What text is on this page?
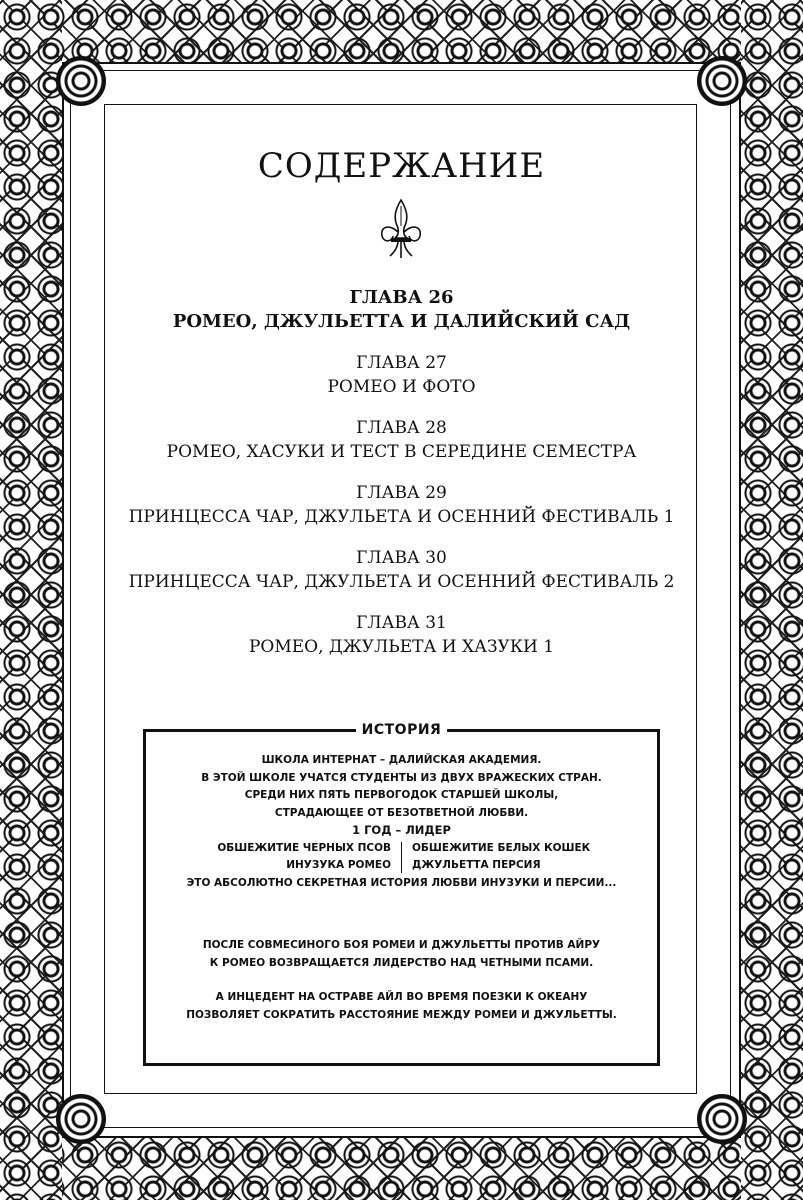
СОДЕРЖАНИЕ
ГЛАВА 26
РОМЕО, ДЖУЛЬЕТТА И ДАЛИЙСКИЙ САД
ГЛАВА 27
РОМЕО И ФОТО
ГЛАВА 28
РОМЕО, ХАСУКИ И ТЕСТ В СЕРЕДИНЕ СЕМЕСТРА
ГЛАВА 29
ПРИНЦЕССА ЧАР, ДЖУЛЬЕТА И ОСЕННИЙ ФЕСТИВАЛЬ 1
ГЛАВА 30
ПРИНЦЕССА ЧАР, ДЖУЛЬЕТА И ОСЕННИЙ ФЕСТИВАЛЬ 2
ГЛАВА 31
РОМЕО, ДЖУЛЬЕТА И ХАЗУКИ 1
ИСТОРИЯ
ШКОЛА ИНТЕРНАТ – ДАЛИЙСКАЯ АКАДЕМИЯ.
В ЭТОЙ ШКОЛЕ УЧАТСЯ СТУДЕНТЫ ИЗ ДВУХ ВРАЖЕСКИХ СТРАН.
СРЕДИ НИХ ПЯТЬ ПЕРВОГОДОК СТАРШЕЙ ШКОЛЫ,
СТРАДАЮЩЕЕ ОТ БЕЗОТВЕТНОЙ ЛЮБВИ.
1 ГОД – ЛИДЕР
ОБШЕЖИТИЕ ЧЕРНЫХ ПСОВ
ИНУЗУКА РОМЕО
ОБШЕЖИТИЕ БЕЛЫХ КОШЕК
ДЖУЛЬЕТТА ПЕРСИЯ
ЭТО АБСОЛЮТНО СЕКРЕТНАЯ ИСТОРИЯ ЛЮБВИ ИНУЗУКИ И ПЕРСИИ...
ПОСЛЕ СОВМЕСИНОГО БОЯ РОМЕИ И ДЖУЛЬЕТТЫ ПРОТИВ АЙРУ
К РОМЕО ВОЗВРАЩАЕТСЯ ЛИДЕРСТВО НАД ЧЕТНЫМИ ПСАМИ.
А ИНЦЕДЕНТ НА ОСТРАВЕ АЙЛ ВО ВРЕМЯ ПОЕЗКИ К ОКЕАНУ
ПОЗВОЛЯЕТ СОКРАТИТЬ РАССТОЯНИЕ МЕЖДУ РОМЕИ И ДЖУЛЬЕТТЫ.
